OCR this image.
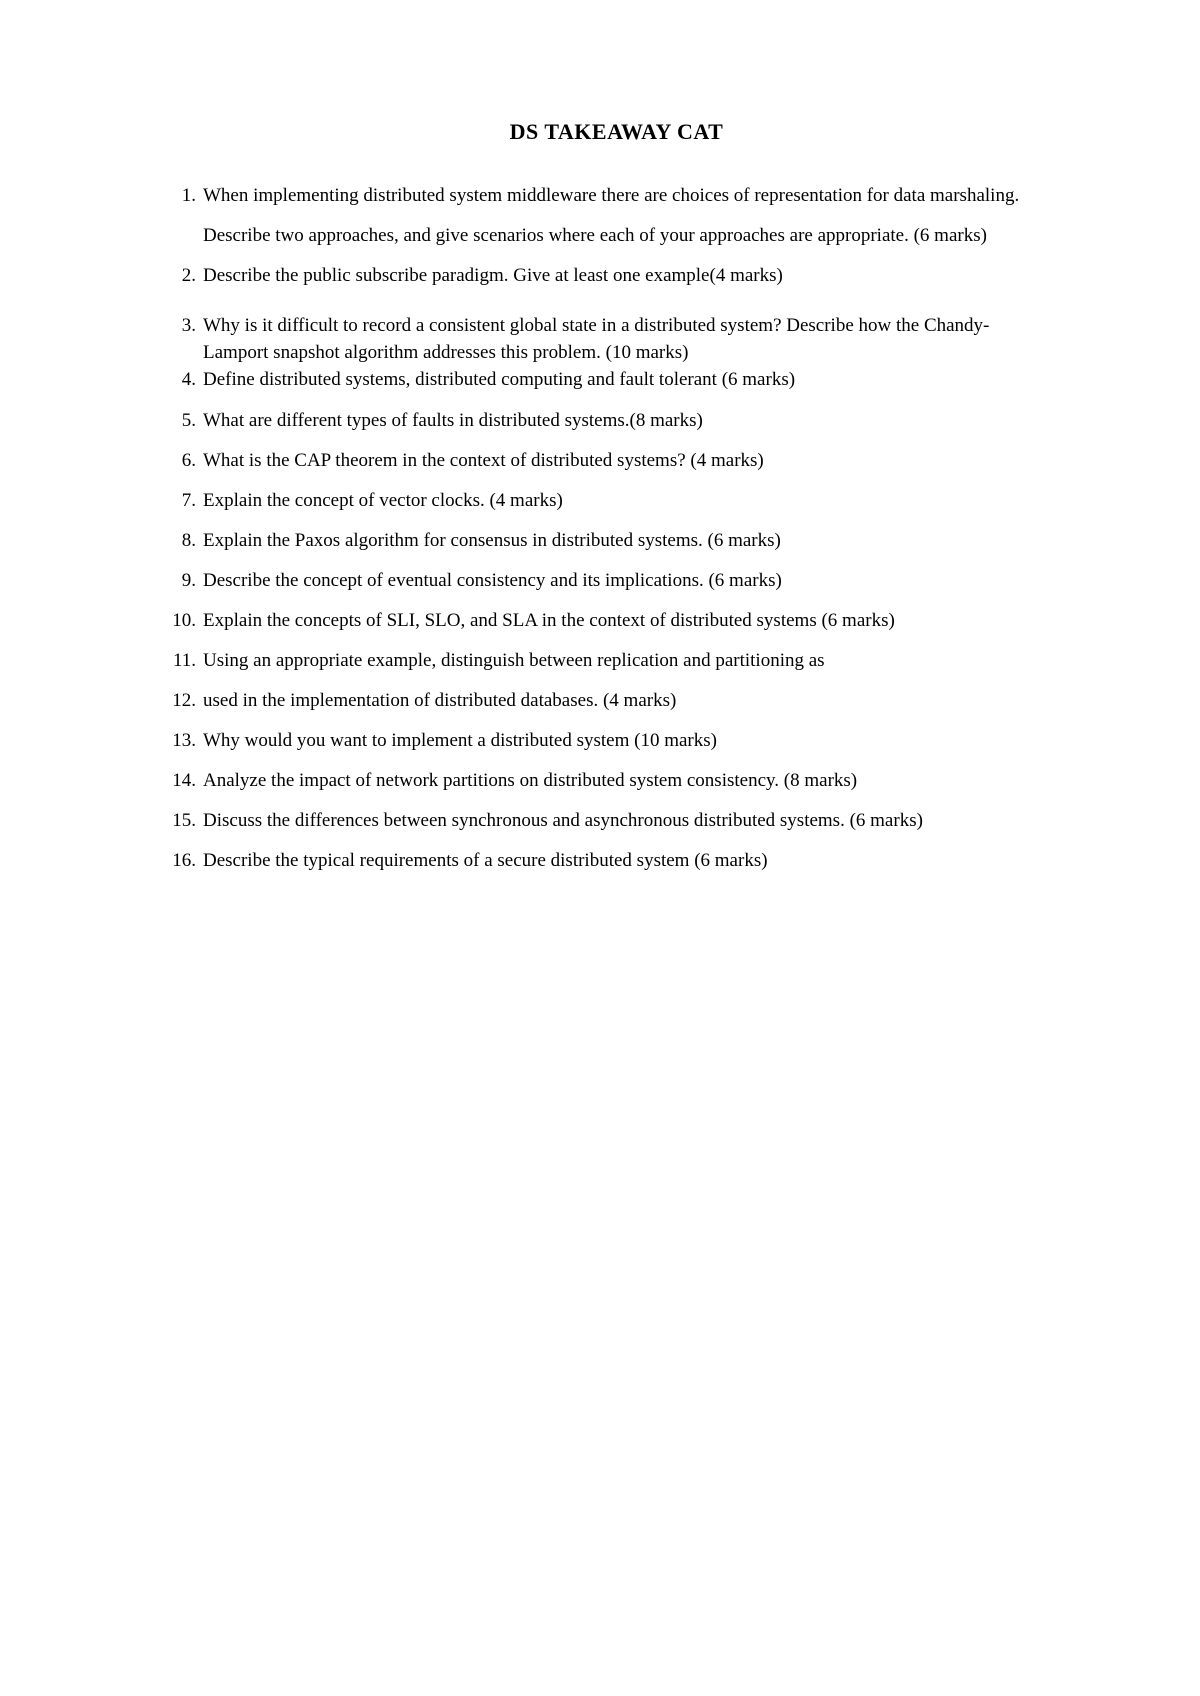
DS TAKEAWAY CAT
1. When implementing distributed system middleware there are choices of representation for data marshaling. Describe two approaches, and give scenarios where each of your approaches are appropriate. (6 marks)
2. Describe the public subscribe paradigm. Give at least one example(4 marks)
3. Why is it difficult to record a consistent global state in a distributed system? Describe how the Chandy-Lamport snapshot algorithm addresses this problem. (10 marks)
4. Define distributed systems, distributed computing and fault tolerant (6 marks)
5. What are different types of faults in distributed systems.(8 marks)
6. What is the CAP theorem in the context of distributed systems? (4 marks)
7. Explain the concept of vector clocks. (4 marks)
8. Explain the Paxos algorithm for consensus in distributed systems. (6 marks)
9. Describe the concept of eventual consistency and its implications. (6 marks)
10. Explain the concepts of SLI, SLO, and SLA in the context of distributed systems (6 marks)
11. Using an appropriate example, distinguish between replication and partitioning as
12. used in the implementation of distributed databases. (4 marks)
13. Why would you want to implement a distributed system (10 marks)
14. Analyze the impact of network partitions on distributed system consistency. (8 marks)
15. Discuss the differences between synchronous and asynchronous distributed systems. (6 marks)
16. Describe the typical requirements of a secure distributed system (6 marks)
